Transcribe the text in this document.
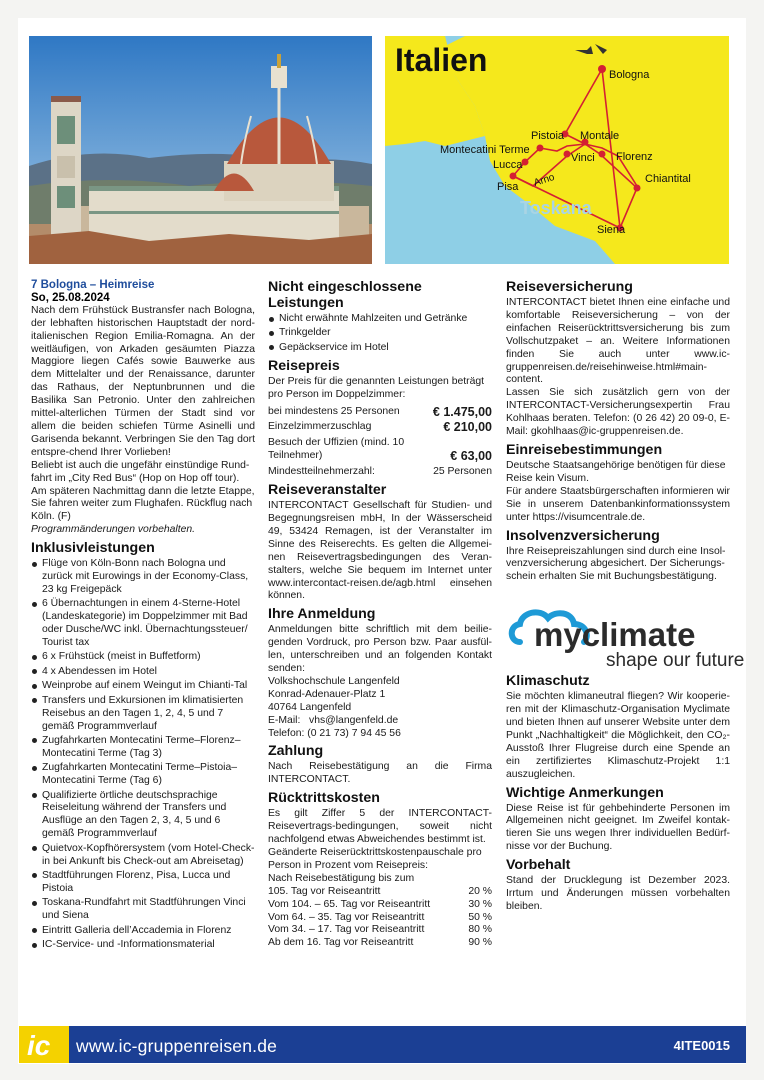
Italien	Bologna
Pistoia Montale
Montecatini Terme
Vinci Florenz
Lucca
Pisa
Chiantital
Siena
Arno
Toskana

7 Bologna – Heimreise

So, 25.08.2024

Nach dem Frühstück Bustransfer nach Bologna, der lebhaften historischen Hauptstadt der nord-italienischen Region Emilia-Romagna. An der weitläufigen, von Arkaden gesäumten Piazza Maggiore liegen Cafés sowie Bauwerke aus dem Mittelalter und der Renaissance, darunter das Rathaus, der Neptunbrunnen und die Basilika San Petronio. Unter den zahlreichen mittel-alterlichen Türmen der Stadt sind vor allem die beiden schiefen Türme Asinelli und Garisenda bekannt. Verbringen Sie den Tag dort entspre-chend Ihrer Vorlieben!

Beliebt ist auch die ungefähr einstündige Rund-fahrt im „City Red Bus“ (Hop on Hop off tour).

Am späteren Nachmittag dann die letzte Etappe, Sie fahren weiter zum Flughafen. Rückflug nach Köln. (F)

Programmänderungen vorbehalten.

Inklusivleistungen
Flüge von Köln-Bonn nach Bologna und zurück mit Eurowings in der Economy-Class, 23 kg Freigepäck
6 Übernachtungen in einem 4-Sterne-Hotel (Landeskategorie) im Doppelzimmer mit Bad oder Dusche/WC inkl. Übernachtungssteuer/ Tourist tax
6 x Frühstück (meist in Buffetform)
4 x Abendessen im Hotel
Weinprobe auf einem Weingut im Chianti-Tal
Transfers und Exkursionen im klimatisierten Reisebus an den Tagen 1, 2, 4, 5 und 7 gemäß Programmverlauf
Zugfahrkarten Montecatini Terme–Florenz–Montecatini Terme (Tag 3)
Zugfahrkarten Montecatini Terme–Pistoia–Montecatini Terme (Tag 6)
Qualifizierte örtliche deutschsprachige Reiseleitung während der Transfers und Ausflüge an den Tagen 2, 3, 4, 5 und 6 gemäß Programmverlauf
Quietvox-Kopfhörersystem (vom Hotel-Check-in bei Ankunft bis Check-out am Abreisetag)
Stadtführungen Florenz, Pisa, Lucca und Pistoia
Toskana-Rundfahrt mit Stadtführungen Vinci und Siena
Eintritt Galleria dell’Accademia in Florenz
IC-Service- und -Informationsmaterial
Nicht eingeschlossene Leistungen
Nicht erwähnte Mahlzeiten und Getränke
Trinkgelder
Gepäckservice im Hotel
Reisepreis

Der Preis für die genannten Leistungen beträgt pro Person im Doppelzimmer:

bei mindestens 25 Personen	€ 1.475,00
Einzelzimmerzuschlag	€ 210,00
Besuch der Uffizien (mind. 10 Teilnehmer)	€ 63,00
Mindestteilnehmerzahl:	25 Personen
Reiseveranstalter

INTERCONTACT Gesellschaft für Studien- und Begegnungsreisen mbH, In der Wässerscheid 49, 53424 Remagen, ist der Veranstalter im Sinne des Reiserechts. Es gelten die Allgemei-nen Reisevertragsbedingungen des Veran-stalters, welche Sie bequem im Internet unter www.intercontact-reisen.de/agb.html einsehen können.

Ihre Anmeldung

Anmeldungen bitte schriftlich mit dem beilie-genden Vordruck, pro Person bzw. Paar ausfül-len, unterschreiben und an folgenden Kontakt senden:

Volkshochschule Langenfeld

Konrad-Adenauer-Platz 1

40764 Langenfeld

E-Mail: vhs@langenfeld.de

Telefon: (0 21 73) 7 94 45 56

Zahlung

Nach Reisebestätigung an die Firma INTERCONTACT.

Rücktrittskosten

Es gilt Ziffer 5 der INTERCONTACT-Reisevertrags-bedingungen, soweit nicht nachfolgend etwas Abweichendes bestimmt ist.

Geänderte Reiserücktrittskostenpauschale pro Person in Prozent vom Reisepreis:

Nach Reisebestätigung bis zum 105. Tag vor Reiseantritt	20 %
Vom 104. – 65. Tag vor Reiseantritt	30 %
Vom 64. – 35. Tag vor Reiseantritt	50 %
Vom 34. – 17. Tag vor Reiseantritt	80 %
Ab dem 16. Tag vor Reiseantritt	90 %
Reiseversicherung

INTERCONTACT bietet Ihnen eine einfache und komfortable Reiseversicherung – von der einfachen Reiserücktrittsversicherung bis zum Vollschutzpaket – an. Weitere Informationen finden Sie auch unter www.ic-gruppenreisen.de/reisehinweise.html#main-content.

Lassen Sie sich zusätzlich gern von der INTERCONTACT-Versicherungsexpertin Frau Kohlhaas beraten. Telefon: (0 26 42) 20 09-0, E-Mail: gkohlhaas@ic-gruppenreisen.de.

Einreisebestimmungen

Deutsche Staatsangehörige benötigen für diese Reise kein Visum.

Für andere Staatsbürgerschaften informieren wir Sie in unserem Datenbankinformationssystem unter https://visumcentrale.de.

Insolvenzversicherung

Ihre Reisepreiszahlungen sind durch eine Insol-venzversicherung abgesichert. Der Sicherungs-schein erhalten Sie mit Buchungsbestätigung.

myclimate
shape our future
Klimaschutz

Sie möchten klimaneutral fliegen? Wir kooperie-ren mit der Klimaschutz-Organisation Myclimate und bieten Ihnen auf unserer Website unter dem Punkt „Nachhaltigkeit“ die Möglichkeit, den CO₂-Ausstoß Ihrer Flugreise durch eine Spende an ein zertifiziertes Klimaschutz-Projekt 1:1 auszugleichen.

Wichtige Anmerkungen

Diese Reise ist für gehbehinderte Personen im Allgemeinen nicht geeignet. Im Zweifel kontak-tieren Sie uns wegen Ihrer individuellen Bedürf-nisse vor der Buchung.

Vorbehalt

Stand der Drucklegung ist Dezember 2023. Irrtum und Änderungen müssen vorbehalten bleiben.

ic www.ic-gruppenreisen.de	4ITE0015
